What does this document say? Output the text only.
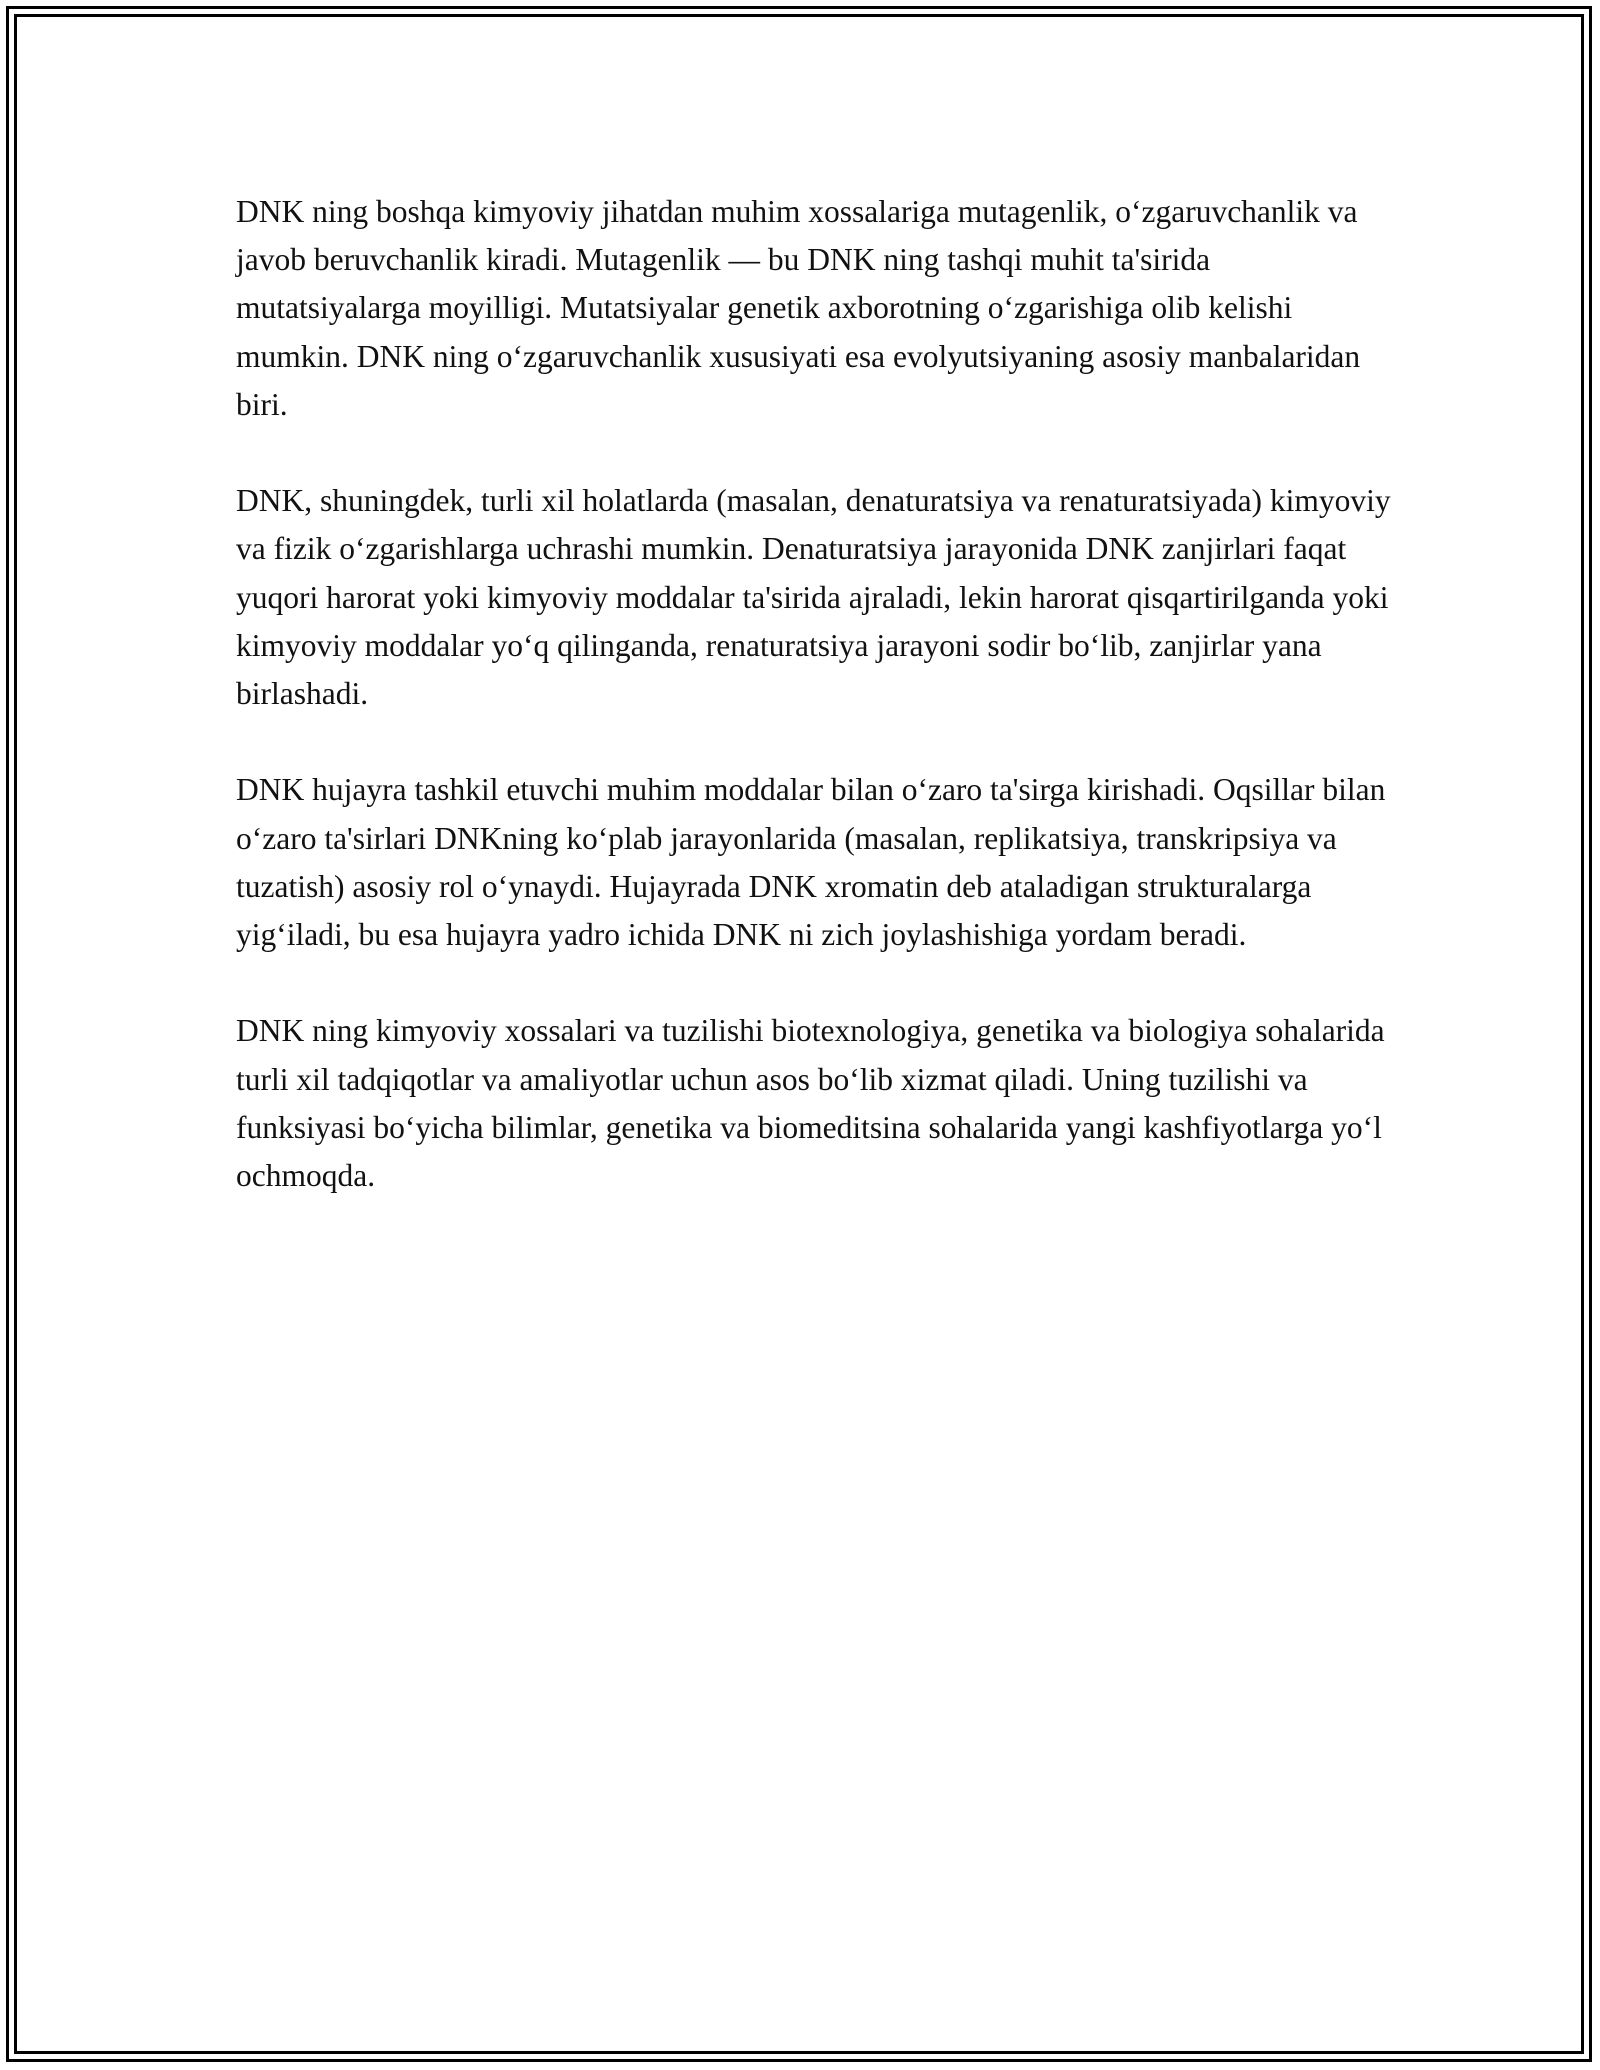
DNK ning boshqa kimyoviy jihatdan muhim xossalariga mutagenlik, o‘zgaruvchanlik va javob beruvchanlik kiradi. Mutagenlik — bu DNK ning tashqi muhit ta'sirida mutatsiyalarga moyilligi. Mutatsiyalar genetik axborotning o‘zgarishiga olib kelishi mumkin. DNK ning o‘zgaruvchanlik xususiyati esa evolyutsiyaning asosiy manbalaridan biri.

DNK, shuningdek, turli xil holatlarda (masalan, denaturatsiya va renaturatsiyada) kimyoviy va fizik o‘zgarishlarga uchrashi mumkin. Denaturatsiya jarayonida DNK zanjirlari faqat yuqori harorat yoki kimyoviy moddalar ta'sirida ajraladi, lekin harorat qisqartirilganda yoki kimyoviy moddalar yo‘q qilinganda, renaturatsiya jarayoni sodir bo‘lib, zanjirlar yana birlashadi.

DNK hujayra tashkil etuvchi muhim moddalar bilan o‘zaro ta'sirga kirishadi. Oqsillar bilan o‘zaro ta'sirlari DNKning ko‘plab jarayonlarida (masalan, replikatsiya, transkripsiya va tuzatish) asosiy rol o‘ynaydi. Hujayrada DNK xromatin deb ataladigan strukturalarga yig‘iladi, bu esa hujayra yadro ichida DNK ni zich joylashishiga yordam beradi.

DNK ning kimyoviy xossalari va tuzilishi biotexnologiya, genetika va biologiya sohalarida turli xil tadqiqotlar va amaliyotlar uchun asos bo‘lib xizmat qiladi. Uning tuzilishi va funksiyasi bo‘yicha bilimlar, genetika va biomeditsina sohalarida yangi kashfiyotlarga yo‘l ochmoqda.
